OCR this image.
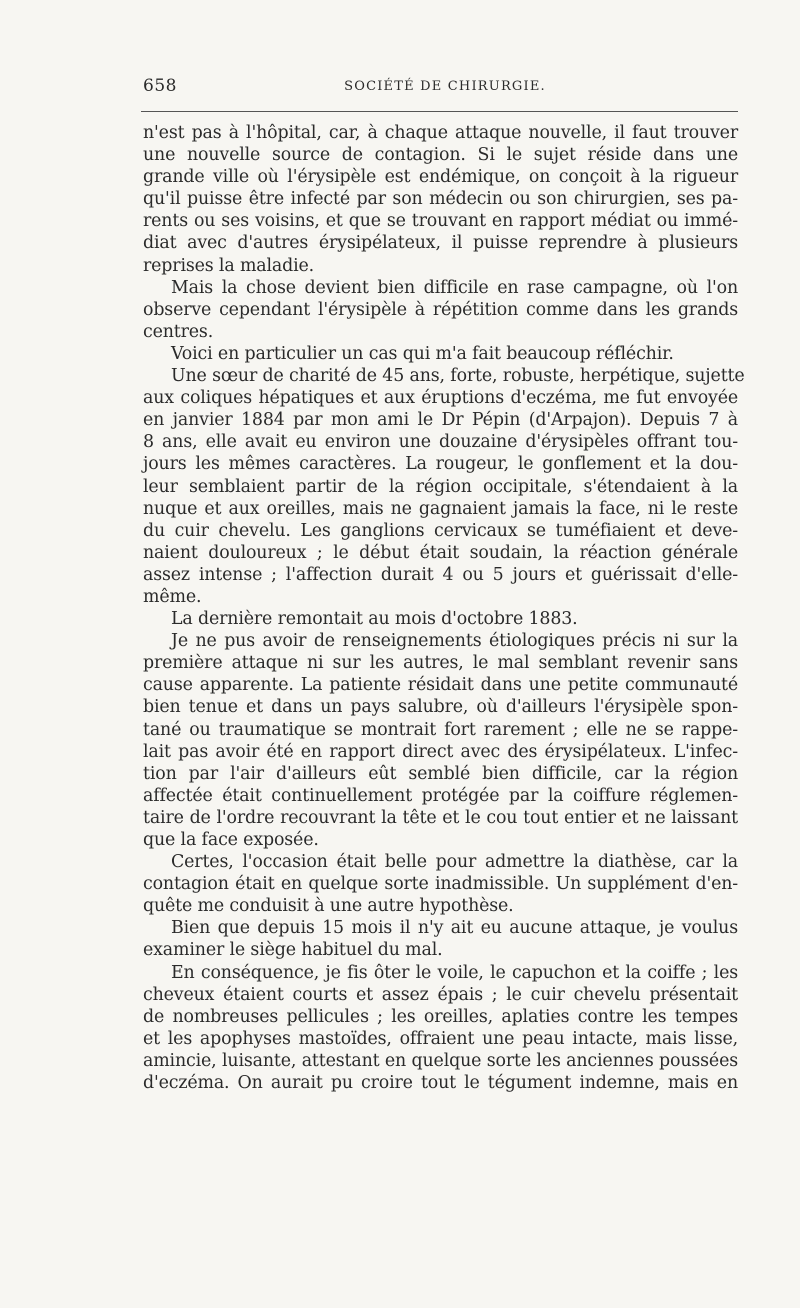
658	SOCIÉTÉ DE CHIRURGIE.
n'est pas à l'hôpital, car, à chaque attaque nouvelle, il faut trouver
une nouvelle source de contagion. Si le sujet réside dans une
grande ville où l'érysipèle est endémique, on conçoit à la rigueur
qu'il puisse être infecté par son médecin ou son chirurgien, ses pa-
rents ou ses voisins, et que se trouvant en rapport médiat ou immé-
diat avec d'autres érysipélateux, il puisse reprendre à plusieurs
reprises la maladie.
Mais la chose devient bien difficile en rase campagne, où l'on
observe cependant l'érysipèle à répétition comme dans les grands
centres.
Voici en particulier un cas qui m'a fait beaucoup réfléchir.
Une sœur de charité de 45 ans, forte, robuste, herpétique, sujette
aux coliques hépatiques et aux éruptions d'eczéma, me fut envoyée
en janvier 1884 par mon ami le Dr Pépin (d'Arpajon). Depuis 7 à
8 ans, elle avait eu environ une douzaine d'érysipèles offrant tou-
jours les mêmes caractères. La rougeur, le gonflement et la dou-
leur semblaient partir de la région occipitale, s'étendaient à la
nuque et aux oreilles, mais ne gagnaient jamais la face, ni le reste
du cuir chevelu. Les ganglions cervicaux se tuméfiaient et deve-
naient douloureux ; le début était soudain, la réaction générale
assez intense ; l'affection durait 4 ou 5 jours et guérissait d'elle-
même.
La dernière remontait au mois d'octobre 1883.
Je ne pus avoir de renseignements étiologiques précis ni sur la
première attaque ni sur les autres, le mal semblant revenir sans
cause apparente. La patiente résidait dans une petite communauté
bien tenue et dans un pays salubre, où d'ailleurs l'érysipèle spon-
tané ou traumatique se montrait fort rarement ; elle ne se rappe-
lait pas avoir été en rapport direct avec des érysipélateux. L'infec-
tion par l'air d'ailleurs eût semblé bien difficile, car la région
affectée était continuellement protégée par la coiffure réglemen-
taire de l'ordre recouvrant la tête et le cou tout entier et ne laissant
que la face exposée.
Certes, l'occasion était belle pour admettre la diathèse, car la
contagion était en quelque sorte inadmissible. Un supplément d'en-
quête me conduisit à une autre hypothèse.
Bien que depuis 15 mois il n'y ait eu aucune attaque, je voulus
examiner le siège habituel du mal.
En conséquence, je fis ôter le voile, le capuchon et la coiffe ; les
cheveux étaient courts et assez épais ; le cuir chevelu présentait
de nombreuses pellicules ; les oreilles, aplaties contre les tempes
et les apophyses mastoïdes, offraient une peau intacte, mais lisse,
amincie, luisante, attestant en quelque sorte les anciennes poussées
d'eczéma. On aurait pu croire tout le tégument indemne, mais en
